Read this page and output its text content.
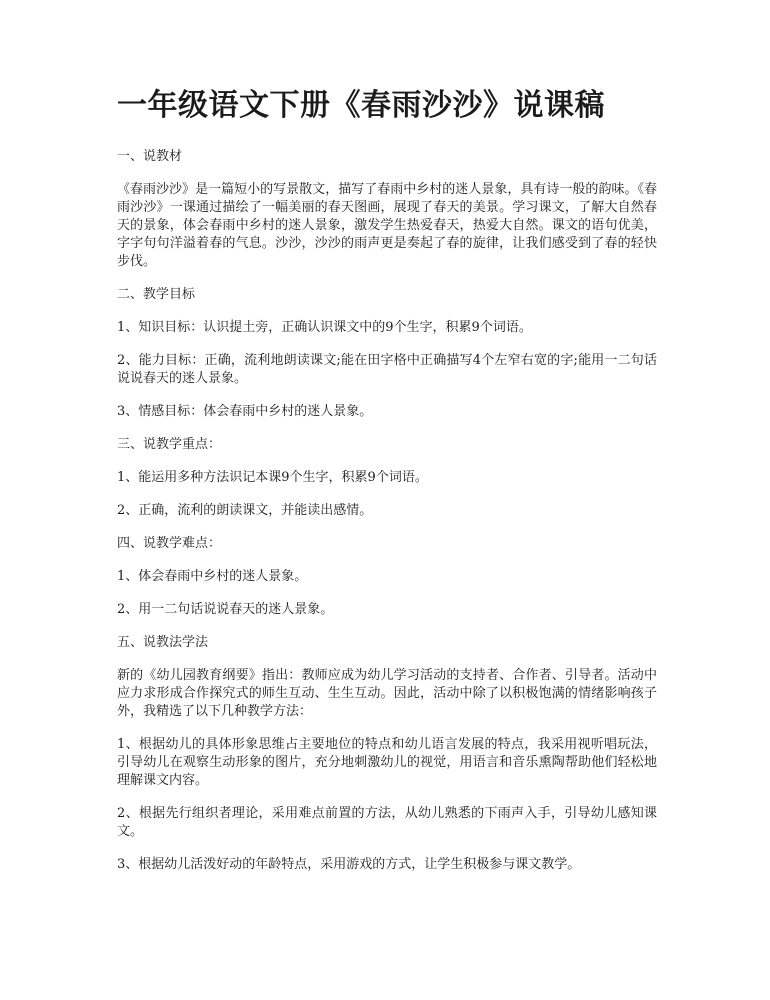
一年级语文下册《春雨沙沙》说课稿
一、说教材

《春雨沙沙》是一篇短小的写景散文，描写了春雨中乡村的迷人景象，具有诗一般的韵味。《春雨沙沙》一课通过描绘了一幅美丽的春天图画，展现了春天的美景。学习课文，了解大自然春天的景象，体会春雨中乡村的迷人景象，激发学生热爱春天，热爱大自然。课文的语句优美，字字句句洋溢着春的气息。沙沙，沙沙的雨声更是奏起了春的旋律，让我们感受到了春的轻快步伐。

二、教学目标

1、知识目标：认识提土旁，正确认识课文中的9个生字，积累9个词语。

2、能力目标：正确，流利地朗读课文;能在田字格中正确描写4个左窄右宽的字;能用一二句话说说春天的迷人景象。

3、情感目标：体会春雨中乡村的迷人景象。

三、说教学重点：

1、能运用多种方法识记本课9个生字，积累9个词语。

2、正确，流利的朗读课文，并能读出感情。

四、说教学难点：

1、体会春雨中乡村的迷人景象。

2、用一二句话说说春天的迷人景象。

五、说教法学法

新的《幼儿园教育纲要》指出：教师应成为幼儿学习活动的支持者、合作者、引导者。活动中应力求形成合作探究式的师生互动、生生互动。因此，活动中除了以积极饱满的情绪影响孩子外，我精选了以下几种教学方法：

1、根据幼儿的具体形象思维占主要地位的特点和幼儿语言发展的特点，我采用视听唱玩法，引导幼儿在观察生动形象的图片，充分地刺激幼儿的视觉，用语言和音乐熏陶帮助他们轻松地理解课文内容。

2、根据先行组织者理论，采用难点前置的方法，从幼儿熟悉的下雨声入手，引导幼儿感知课文。

3、根据幼儿活泼好动的年龄特点，采用游戏的方式，让学生积极参与课文教学。
